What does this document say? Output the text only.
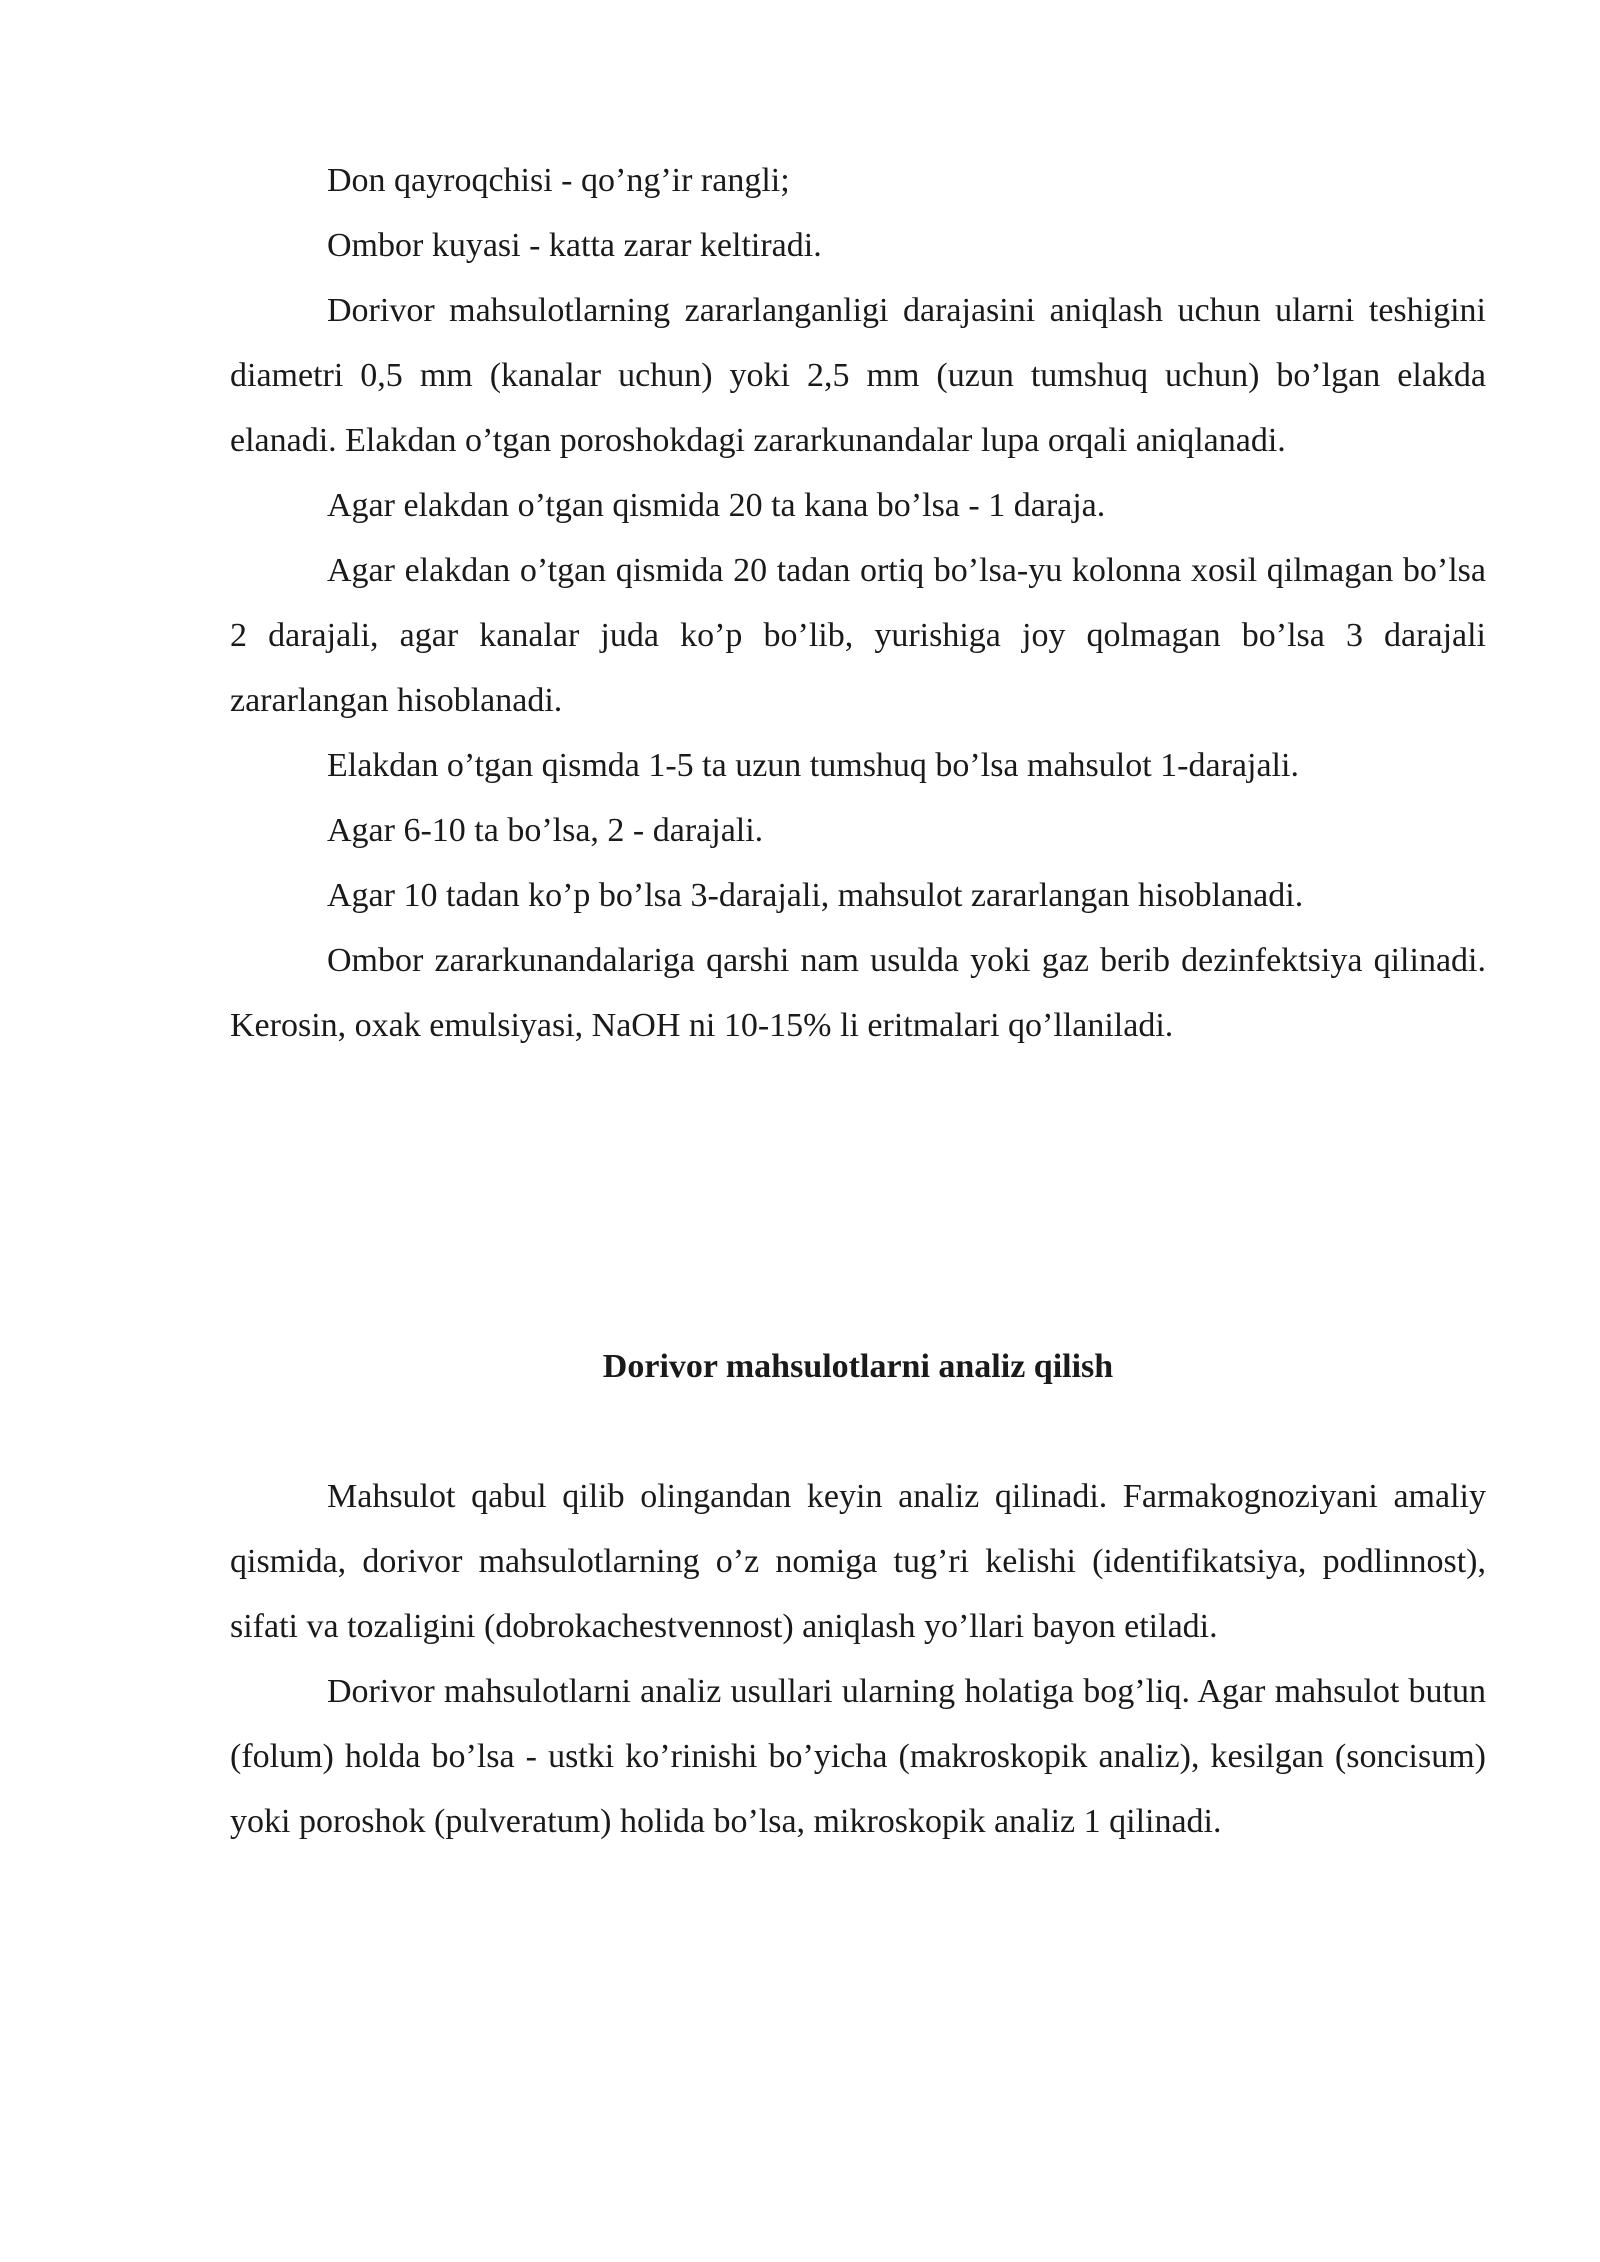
Don qayroqchisi - qo’ng’ir rangli;

Ombor kuyasi - katta zarar keltiradi.

Dorivor mahsulotlarning zararlanganligi darajasini aniqlash uchun ularni teshigini diametri 0,5 mm (kanalar uchun) yoki 2,5 mm (uzun tumshuq uchun) bo’lgan elakda elanadi. Elakdan o’tgan poroshokdagi zararkunandalar lupa orqali aniqlanadi.

Agar elakdan o’tgan qismida 20 ta kana bo’lsa - 1 daraja.

Agar elakdan o’tgan qismida 20 tadan ortiq bo’lsa-yu kolonna xosil qilmagan bo’lsa 2 darajali, agar kanalar juda ko’p bo’lib, yurishiga joy qolmagan bo’lsa 3 darajali zararlangan hisoblanadi.

Elakdan o’tgan qismda 1-5 ta uzun tumshuq bo’lsa mahsulot 1-darajali.

Agar 6-10 ta bo’lsa, 2 - darajali.

Agar 10 tadan ko’p bo’lsa 3-darajali, mahsulot zararlangan hisoblanadi.

Ombor zararkunandalariga qarshi nam usulda yoki gaz berib dezinfektsiya qilinadi. Kerosin, oxak emulsiyasi, NaOH ni 10-15% li eritmalari qo’llaniladi.

Dorivor mahsulotlarni analiz qilish

Mahsulot qabul qilib olingandan keyin analiz qilinadi. Farmakognoziyani amaliy qismida, dorivor mahsulotlarning o’z nomiga tug’ri kelishi (identifikatsiya, podlinnost), sifati va tozaligini (dobrokachestvennost) aniqlash yo’llari bayon etiladi.

Dorivor mahsulotlarni analiz usullari ularning holatiga bog’liq. Agar mahsulot butun (folum) holda bo’lsa - ustki ko’rinishi bo’yicha (makroskopik analiz), kesilgan (soncisum) yoki poroshok (pulveratum) holida bo’lsa, mikroskopik analiz 1 qilinadi.
